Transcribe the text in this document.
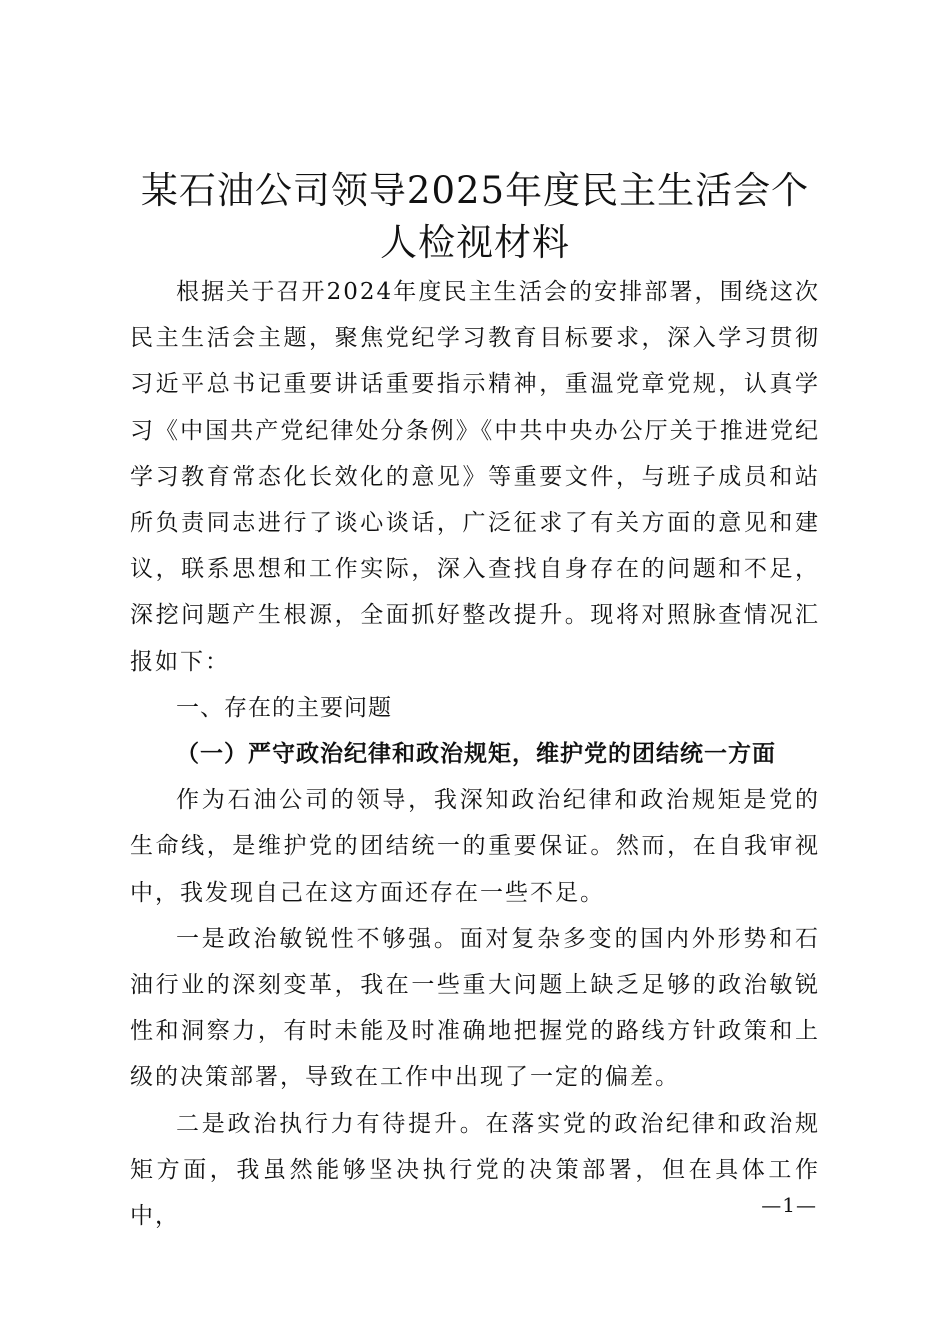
某石油公司领导2025年度民主生活会个人检视材料

根据关于召开2024年度民主生活会的安排部署，围绕这次民主生活会主题，聚焦党纪学习教育目标要求，深入学习贯彻习近平总书记重要讲话重要指示精神，重温党章党规，认真学习《中国共产党纪律处分条例》《中共中央办公厅关于推进党纪学习教育常态化长效化的意见》等重要文件，与班子成员和站所负责同志进行了谈心谈话，广泛征求了有关方面的意见和建议，联系思想和工作实际，深入查找自身存在的问题和不足，深挖问题产生根源，全面抓好整改提升。现将对照脉查情况汇报如下：

一、存在的主要问题

（一）严守政治纪律和政治规矩，维护党的团结统一方面

作为石油公司的领导，我深知政治纪律和政治规矩是党的生命线，是维护党的团结统一的重要保证。然而，在自我审视中，我发现自己在这方面还存在一些不足。

一是政治敏锐性不够强。面对复杂多变的国内外形势和石油行业的深刻变革，我在一些重大问题上缺乏足够的政治敏锐性和洞察力，有时未能及时准确地把握党的路线方针政策和上级的决策部署，导致在工作中出现了一定的偏差。

二是政治执行力有待提升。在落实党的政治纪律和政治规矩方面，我虽然能够坚决执行党的决策部署，但在具体工作中，	—1—
